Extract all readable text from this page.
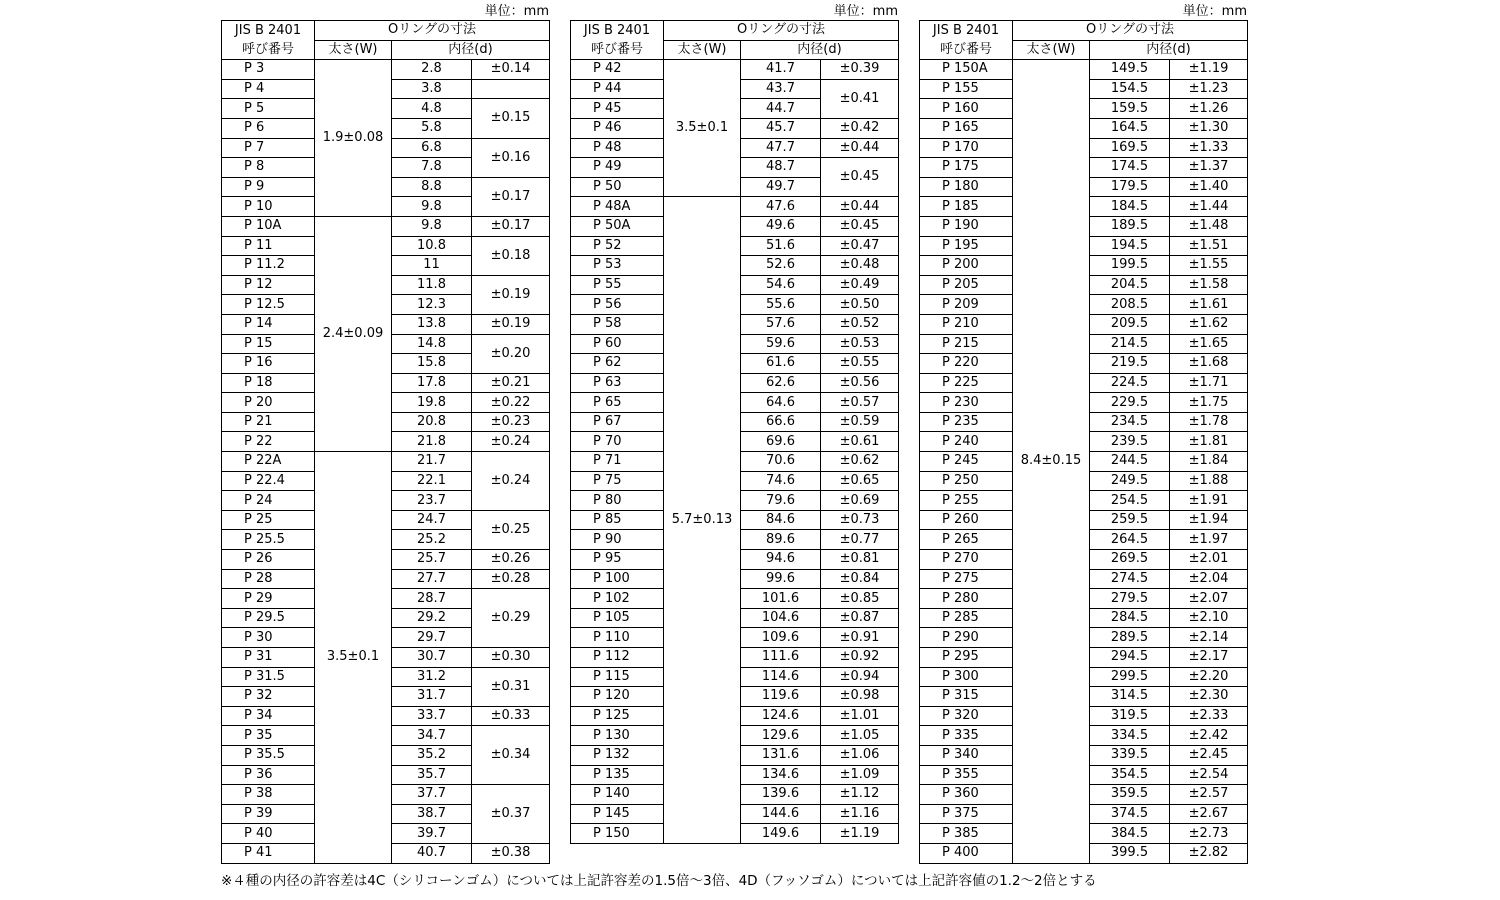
単位：mm	単位：mm	単位：mm
JIS B 2401	Oリングの寸法		
呼び番号	太さ(W)	内径(d)	
P 3	1.9±0.08	2.8	±0.14
P 4		3.8	
P 5		4.8	±0.15
P 6		5.8	
P 7		6.8	±0.16
P 8		7.8	
P 9		8.8	±0.17
P 10		9.8	
P 10A	2.4±0.09	9.8	±0.17
P 11		10.8	±0.18
P 11.2		11	
P 12		11.8	±0.19
P 12.5		12.3	
P 14		13.8	±0.19
P 15		14.8	±0.20
P 16		15.8	
P 18		17.8	±0.21
P 20		19.8	±0.22
P 21		20.8	±0.23
P 22		21.8	±0.24
P 22A	3.5±0.1	21.7	±0.24
P 22.4		22.1	
P 24		23.7	
P 25		24.7	±0.25
P 25.5		25.2	
P 26		25.7	±0.26
P 28		27.7	±0.28
P 29		28.7	±0.29
P 29.5		29.2	
P 30		29.7	
P 31		30.7	±0.30
P 31.5		31.2	±0.31
P 32		31.7	
P 34		33.7	±0.33
P 35		34.7	±0.34
P 35.5		35.2	
P 36		35.7	
P 38		37.7	±0.37
P 39		38.7	
P 40		39.7	
P 41		40.7	±0.38
JIS B 2401	Oリングの寸法		
呼び番号	太さ(W)	内径(d)	
P 42	3.5±0.1	41.7	±0.39
P 44		43.7	±0.41
P 45		44.7	
P 46		45.7	±0.42
P 48		47.7	±0.44
P 49		48.7	±0.45
P 50		49.7	
P 48A	5.7±0.13	47.6	±0.44
P 50A		49.6	±0.45
P 52		51.6	±0.47
P 53		52.6	±0.48
P 55		54.6	±0.49
P 56		55.6	±0.50
P 58		57.6	±0.52
P 60		59.6	±0.53
P 62		61.6	±0.55
P 63		62.6	±0.56
P 65		64.6	±0.57
P 67		66.6	±0.59
P 70		69.6	±0.61
P 71		70.6	±0.62
P 75		74.6	±0.65
P 80		79.6	±0.69
P 85		84.6	±0.73
P 90		89.6	±0.77
P 95		94.6	±0.81
P 100		99.6	±0.84
P 102		101.6	±0.85
P 105		104.6	±0.87
P 110		109.6	±0.91
P 112		111.6	±0.92
P 115		114.6	±0.94
P 120		119.6	±0.98
P 125		124.6	±1.01
P 130		129.6	±1.05
P 132		131.6	±1.06
P 135		134.6	±1.09
P 140		139.6	±1.12
P 145		144.6	±1.16
P 150		149.6	±1.19
JIS B 2401	Oリングの寸法		
呼び番号	太さ(W)	内径(d)	
P 150A	8.4±0.15	149.5	±1.19
P 155		154.5	±1.23
P 160		159.5	±1.26
P 165		164.5	±1.30
P 170		169.5	±1.33
P 175		174.5	±1.37
P 180		179.5	±1.40
P 185		184.5	±1.44
P 190		189.5	±1.48
P 195		194.5	±1.51
P 200		199.5	±1.55
P 205		204.5	±1.58
P 209		208.5	±1.61
P 210		209.5	±1.62
P 215		214.5	±1.65
P 220		219.5	±1.68
P 225		224.5	±1.71
P 230		229.5	±1.75
P 235		234.5	±1.78
P 240		239.5	±1.81
P 245		244.5	±1.84
P 250		249.5	±1.88
P 255		254.5	±1.91
P 260		259.5	±1.94
P 265		264.5	±1.97
P 270		269.5	±2.01
P 275		274.5	±2.04
P 280		279.5	±2.07
P 285		284.5	±2.10
P 290		289.5	±2.14
P 295		294.5	±2.17
P 300		299.5	±2.20
P 315		314.5	±2.30
P 320		319.5	±2.33
P 335		334.5	±2.42
P 340		339.5	±2.45
P 355		354.5	±2.54
P 360		359.5	±2.57
P 375		374.5	±2.67
P 385		384.5	±2.73
P 400		399.5	±2.82
※４種の内径の許容差は4C（シリコーンゴム）については上記許容差の1.5倍～3倍、4D（フッソゴム）については上記許容値の1.2～2倍とする
